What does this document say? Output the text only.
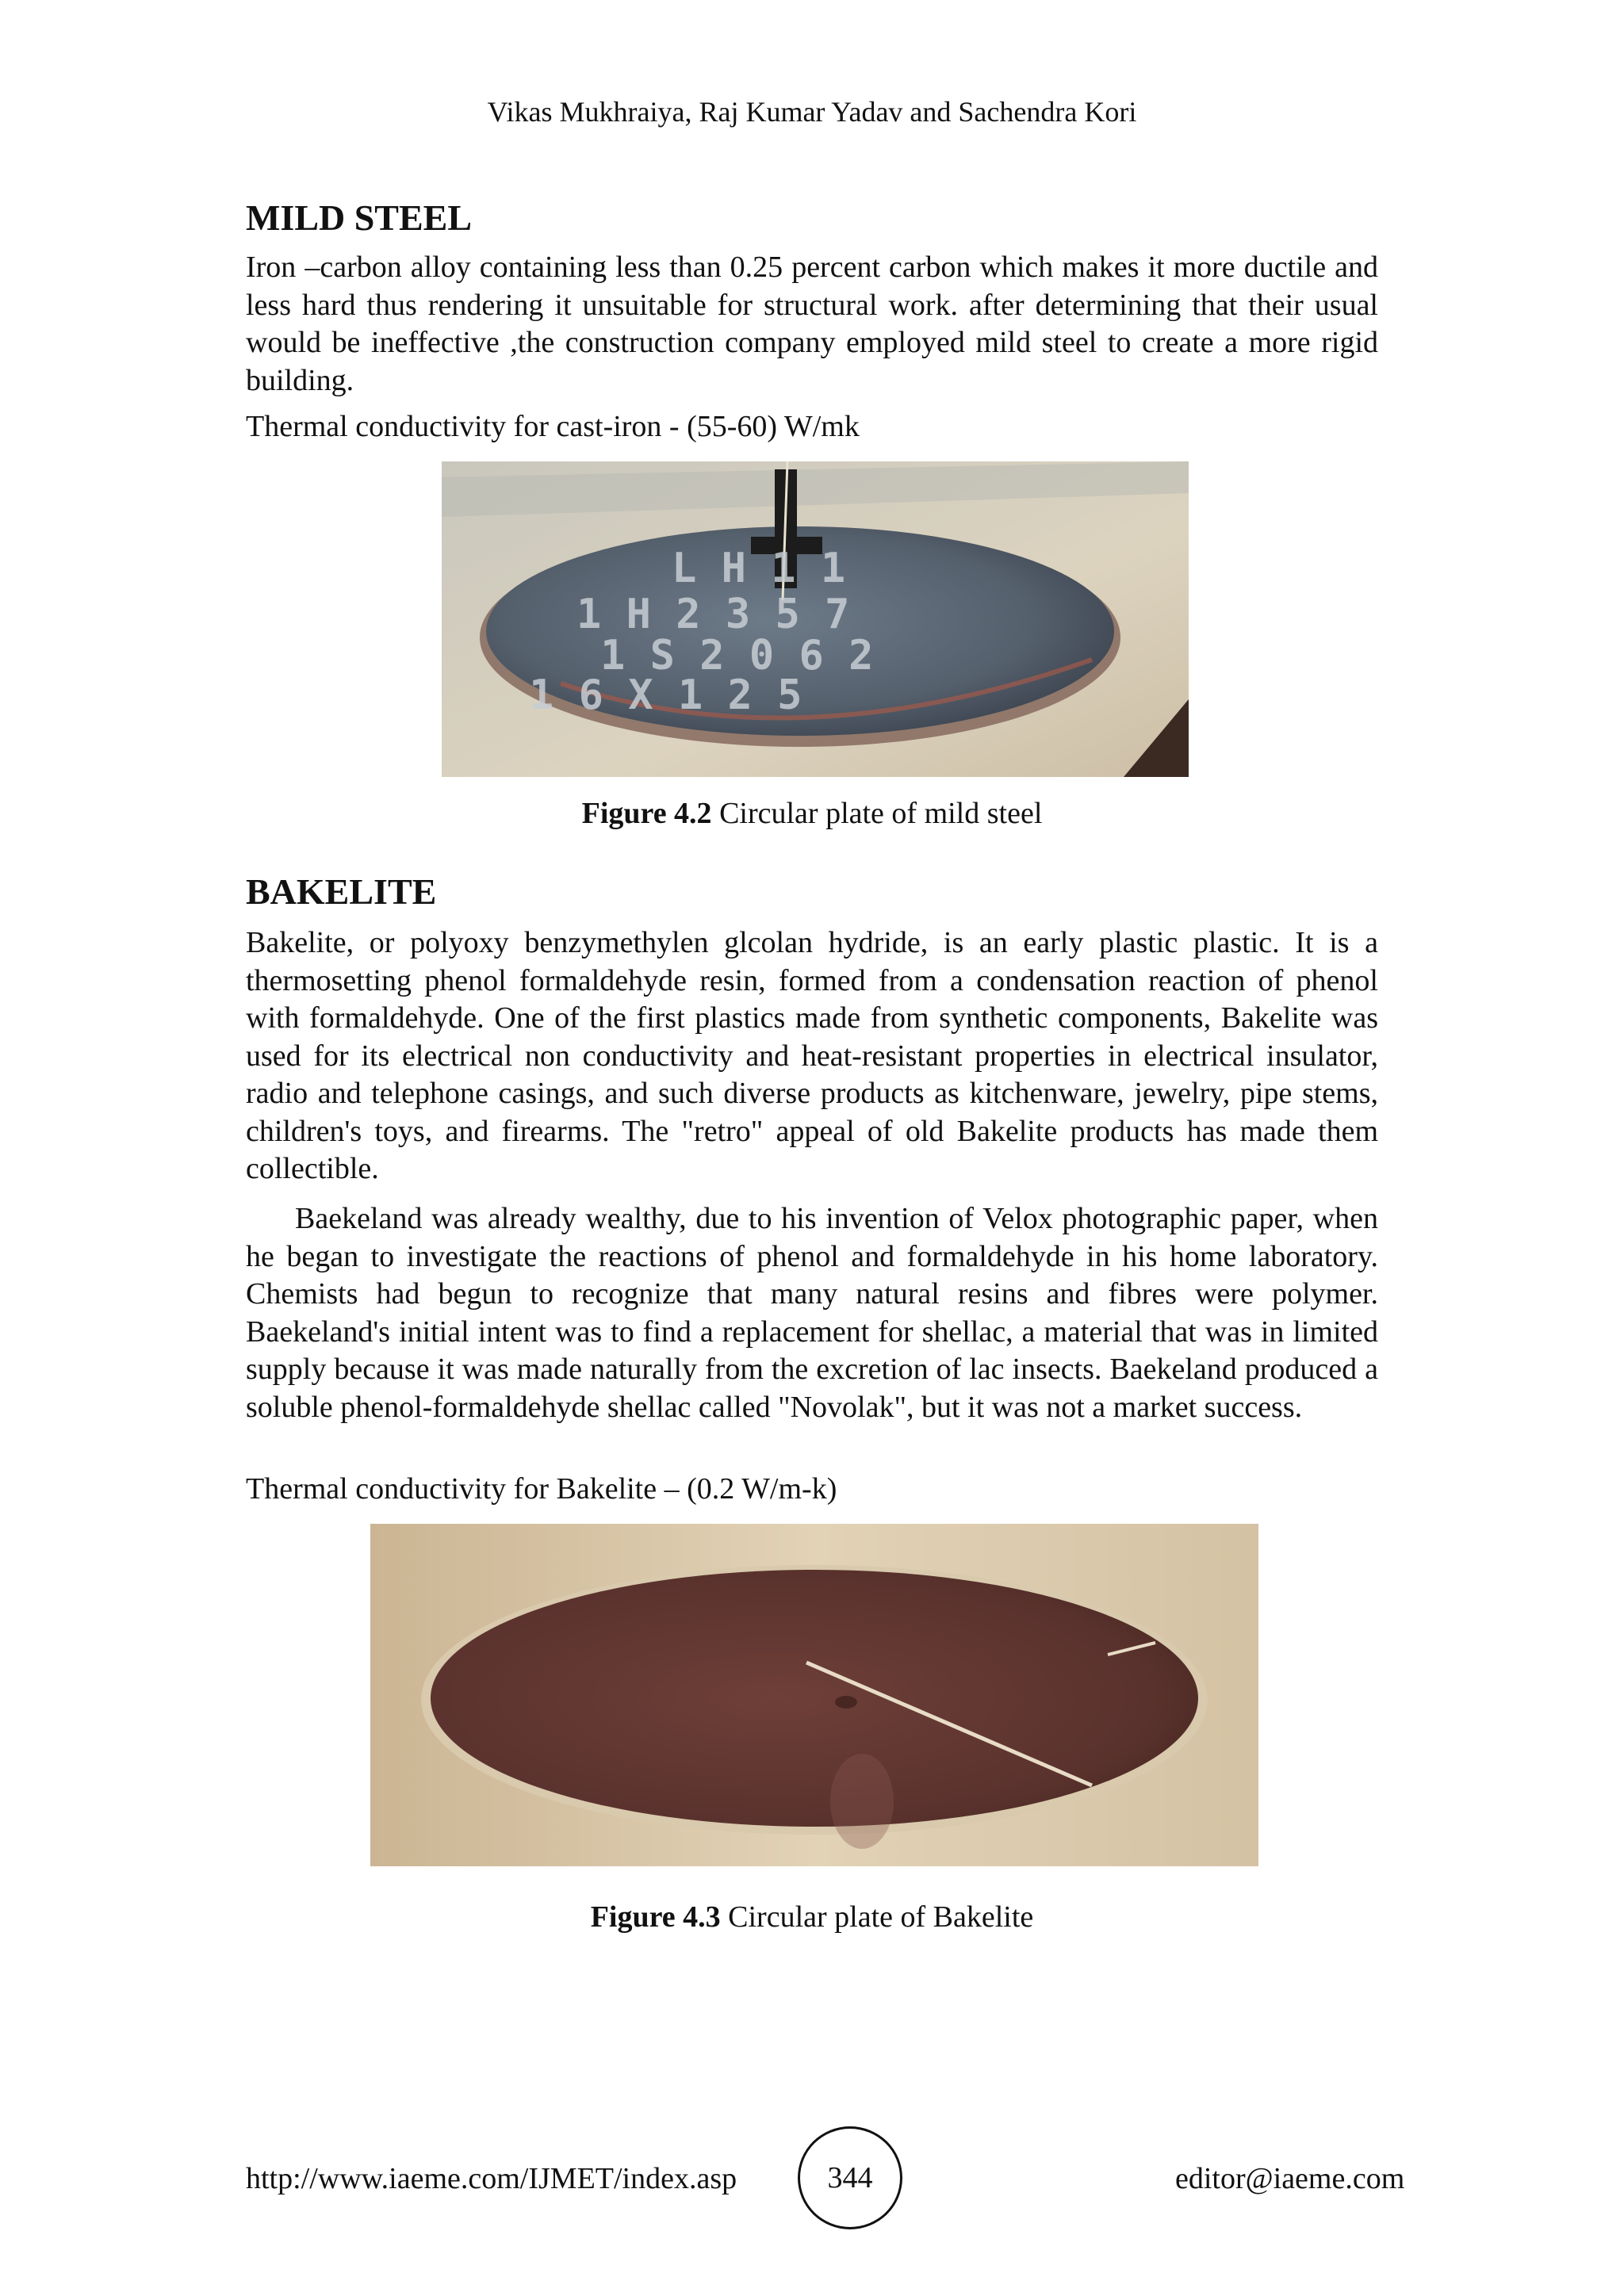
Vikas Mukhraiya, Raj Kumar Yadav and Sachendra Kori
MILD STEEL

Iron –carbon alloy containing less than 0.25 percent carbon which makes it more ductile and less hard thus rendering it unsuitable for structural work. after determining that their usual would be ineffective ,the construction company employed mild steel to create a more rigid building.

Thermal conductivity for cast-iron - (55-60) W/mk

L H 1 1
1 H 2 3 5 7
1 S 2 0 6 2
1 6 X 1 2 5
Figure 4.2 Circular plate of mild steel
BAKELITE

Bakelite, or polyoxy benzymethylen glcolan hydride, is an early plastic plastic. It is a thermosetting phenol formaldehyde resin, formed from a condensation reaction of phenol with formaldehyde. One of the first plastics made from synthetic components, Bakelite was used for its electrical non conductivity and heat-resistant properties in electrical insulator, radio and telephone casings, and such diverse products as kitchenware, jewelry, pipe stems, children's toys, and firearms. The "retro" appeal of old Bakelite products has made them collectible.

Baekeland was already wealthy, due to his invention of Velox photographic paper, when he began to investigate the reactions of phenol and formaldehyde in his home laboratory. Chemists had begun to recognize that many natural resins and fibres were polymer. Baekeland's initial intent was to find a replacement for shellac, a material that was in limited supply because it was made naturally from the excretion of lac insects. Baekeland produced a soluble phenol-formaldehyde shellac called "Novolak", but it was not a market success.

Thermal conductivity for Bakelite – (0.2 W/m-k)

Figure 4.3 Circular plate of Bakelite
http://www.iaeme.com/IJMET/index.asp	344	editor@iaeme.com
